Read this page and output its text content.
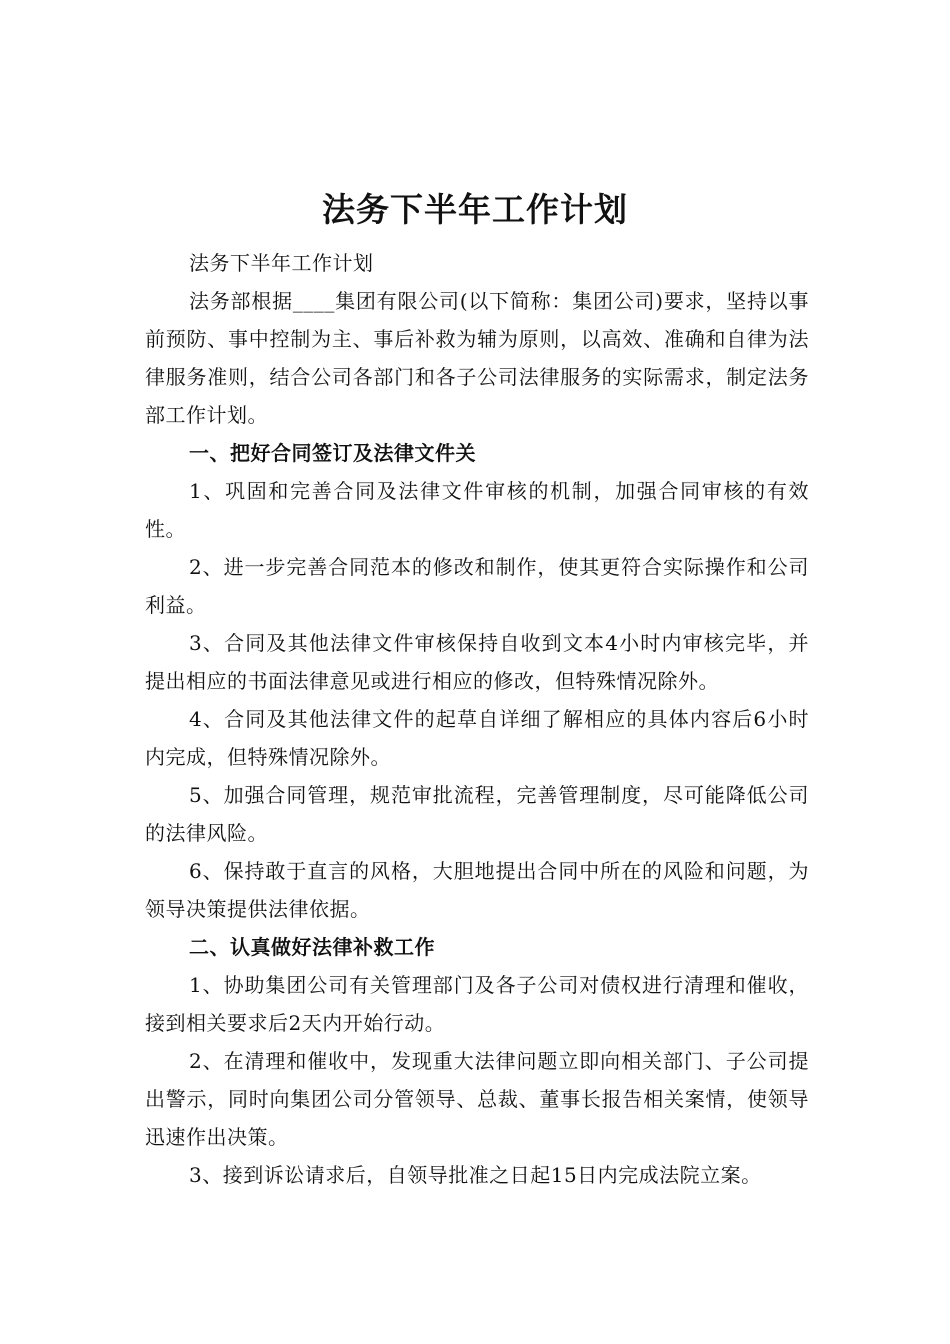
法务下半年工作计划

法务下半年工作计划

法务部根据____集团有限公司(以下简称：集团公司)要求，坚持以事前预防、事中控制为主、事后补救为辅为原则，以高效、准确和自律为法律服务准则，结合公司各部门和各子公司法律服务的实际需求，制定法务部工作计划。

一、把好合同签订及法律文件关

1、巩固和完善合同及法律文件审核的机制，加强合同审核的有效性。

2、进一步完善合同范本的修改和制作，使其更符合实际操作和公司利益。

3、合同及其他法律文件审核保持自收到文本4小时内审核完毕，并提出相应的书面法律意见或进行相应的修改，但特殊情况除外。

4、合同及其他法律文件的起草自详细了解相应的具体内容后6小时内完成，但特殊情况除外。

5、加强合同管理，规范审批流程，完善管理制度，尽可能降低公司的法律风险。

6、保持敢于直言的风格，大胆地提出合同中所在的风险和问题，为领导决策提供法律依据。

二、认真做好法律补救工作

1、协助集团公司有关管理部门及各子公司对债权进行清理和催收，接到相关要求后2天内开始行动。

2、在清理和催收中，发现重大法律问题立即向相关部门、子公司提出警示，同时向集团公司分管领导、总裁、董事长报告相关案情，使领导迅速作出决策。

3、接到诉讼请求后，自领导批准之日起15日内完成法院立案。
